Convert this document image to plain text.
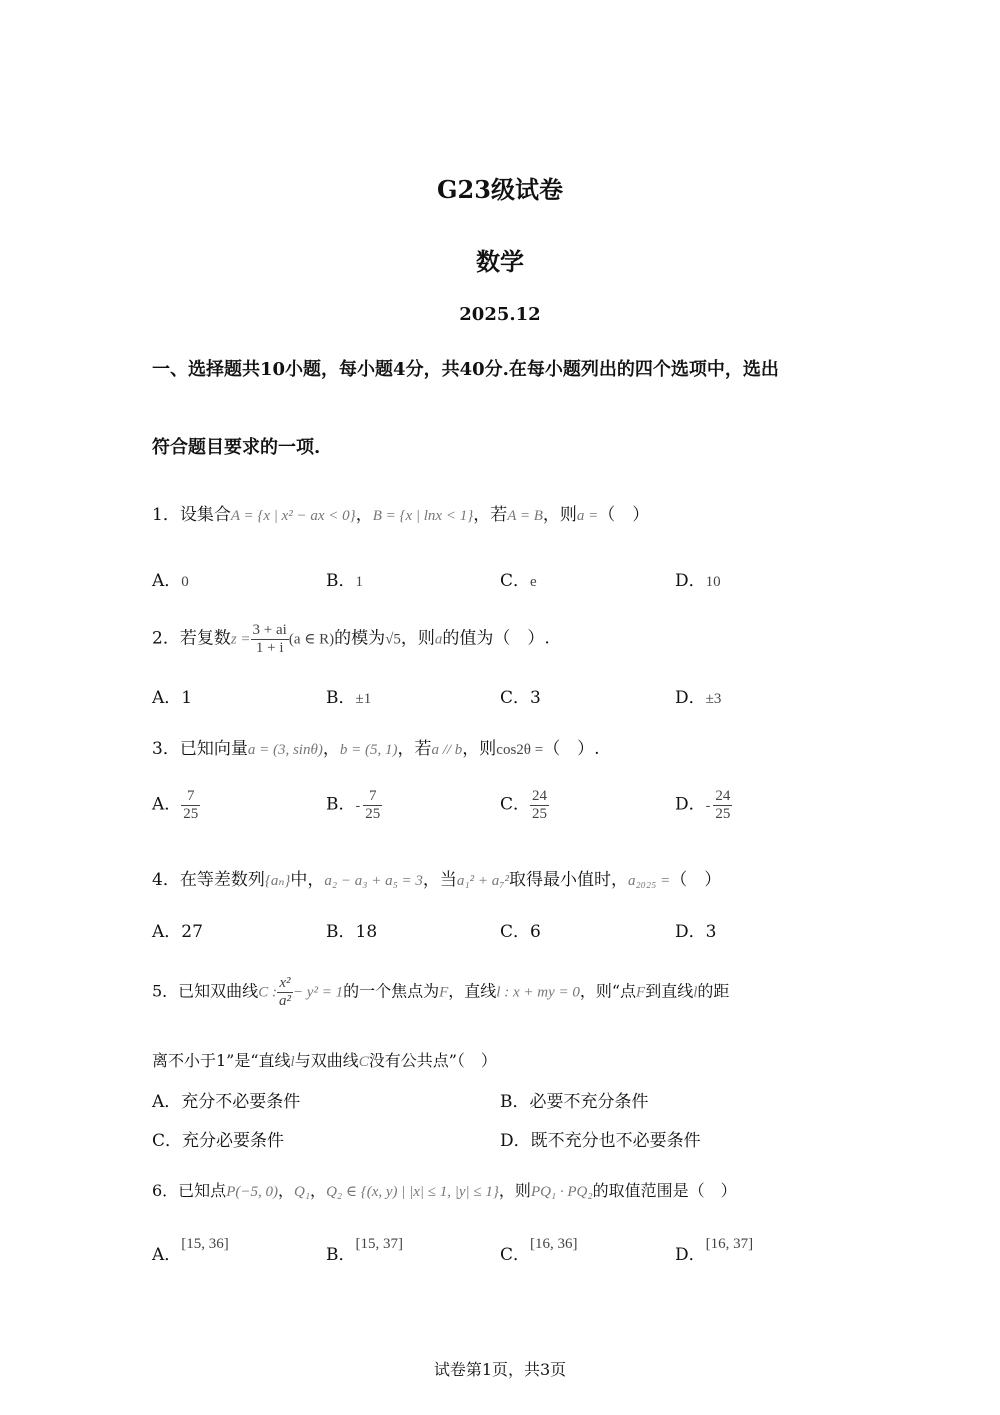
G23级试卷
数学
2025.12
一、选择题共10小题，每小题4分，共40分.在每小题列出的四个选项中，选出
符合题目要求的一项.
1．设集合A = {x | x² − ax < 0}，B = {x | lnx < 1}，若A = B，则a =（　）
A．0	B．1	C．e	D．10
2．若复数$z = \frac{3 + ai}{1 + i} (a$ ∈ R)的模为√5，则a的值为（　）.
A．1	B．±1	C．3	D．±3
3．已知向量a = (3, sinθ)，b = (5, 1)，若a // b，则cos2θ =（　）.
A． $\frac{7}{25}$	B．- $\frac{7}{25}$	C． $\frac{24}{25}$	D．- $\frac{24}{25}$
4．在等差数列{aₙ}中，a₂ − a₃ + a₅ = 3，当a₁² + a₇²取得最小值时，a₂₀₂₅ =（　）
A．27	B．18	C．6	D．3
5．已知双曲线C : $\frac{\text{x²}}{\text{a²}} - y^2 = 1$的一个焦点为F，直线l : x + my = 0，则“点F到直线l的距
离不小于1”是“直线l与双曲线C没有公共点”（　）
A．充分不必要条件	B．必要不充分条件
C．充分必要条件	D．既不充分也不必要条件
6．已知点P(−5, 0)，Q₁，Q₂ ∈ {(x, y) | |x| ≤ 1, |y| ≤ 1}，则PQ₁ · PQ₂的取值范围是（　）
A．[15, 36]
B．[15, 37]
C．[16, 36]
D．[16, 37]
试卷第1页，共3页
